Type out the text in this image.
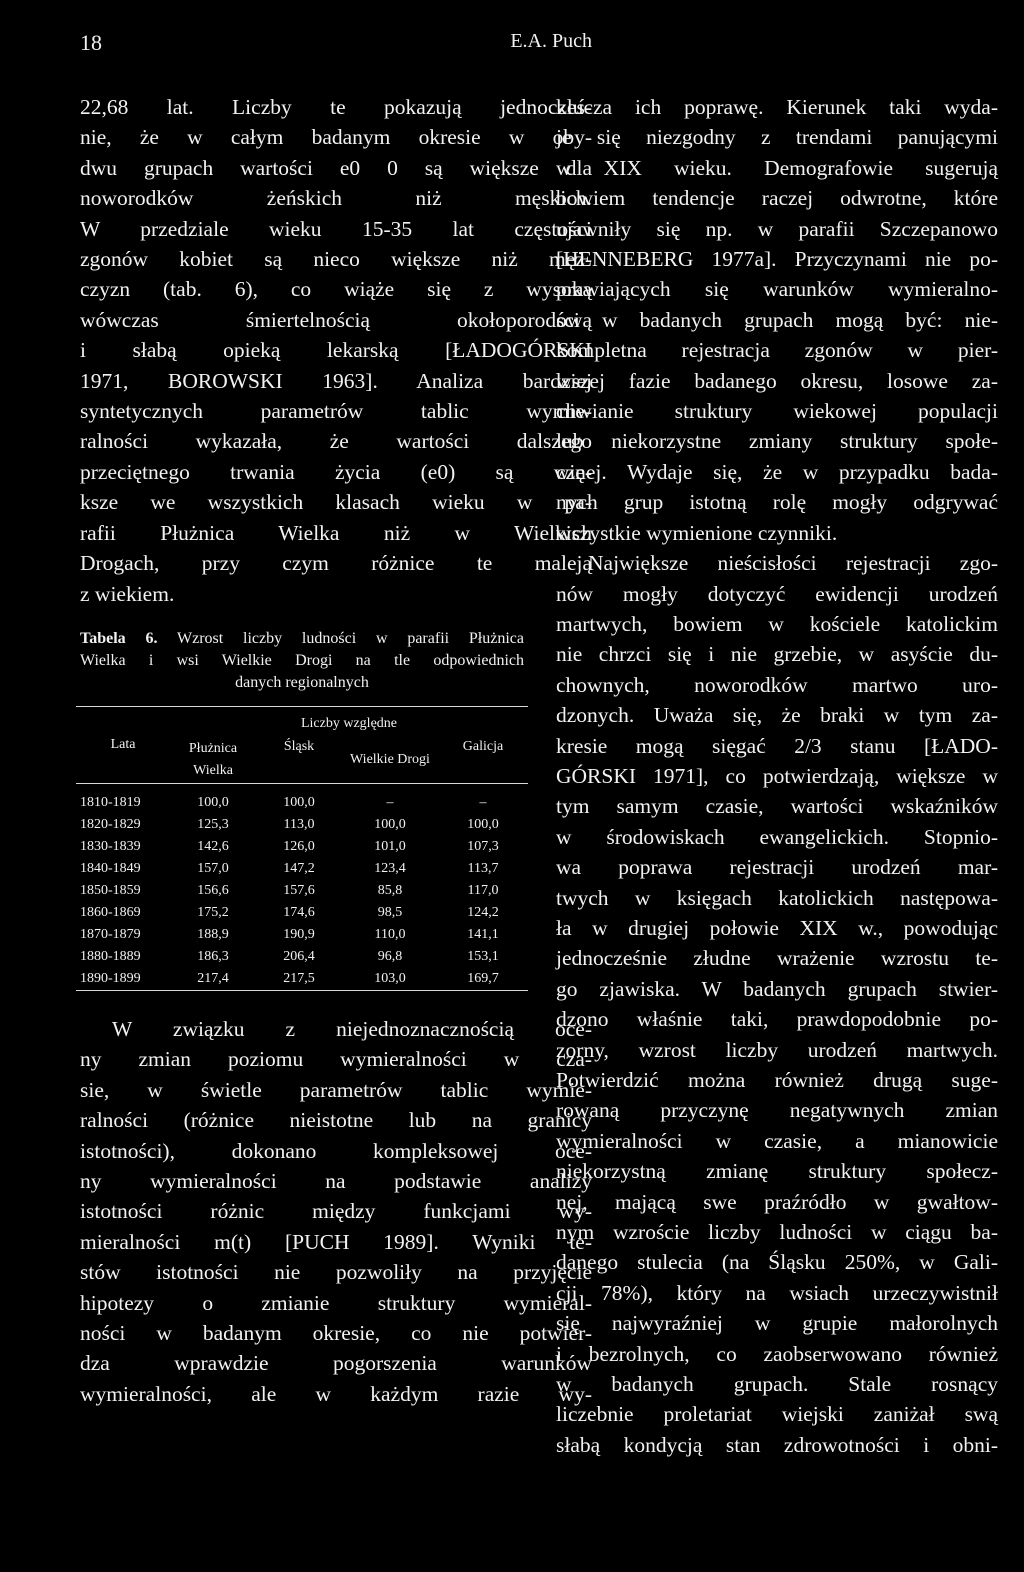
18	E.A. Puch
22,68 lat. Liczby te pokazują jednocześ-
nie, że w całym badanym okresie w oby-
dwu grupach wartości e0 0 są większe dla
noworodków żeńskich niż męskich.
W przedziale wieku 15-35 lat częstości
zgonów kobiet są nieco większe niż męż-
czyzn (tab. 6), co wiąże się z wysoką
wówczas śmiertelnością okołoporodową
i słabą opieką lekarską [ŁADOGÓRSKI
1971, BOROWSKI 1963]. Analiza bardziej
syntetycznych parametrów tablic wymie-
ralności wykazała, że wartości dalszego
przeciętnego trwania życia (e0) są wię-
ksze we wszystkich klasach wieku w pa-
rafii Płużnica Wielka niż w Wielkich
Drogach, przy czym różnice te maleją
z wiekiem.
Tabela 6. Wzrost liczby ludności w parafii Płużnica
Wielka i wsi Wielkie Drogi na tle odpowiednich
danych regionalnych
Lata	Liczby względne			
	Płużnica Wielka	Śląsk	Wielkie Drogi	Galicja

1810-1819	100,0	100,0	–	–
1820-1829	125,3	113,0	100,0	100,0
1830-1839	142,6	126,0	101,0	107,3
1840-1849	157,0	147,2	123,4	113,7
1850-1859	156,6	157,6	85,8	117,0
1860-1869	175,2	174,6	98,5	124,2
1870-1879	188,9	190,9	110,0	141,1
1880-1889	186,3	206,4	96,8	153,1
1890-1899	217,4	217,5	103,0	169,7
W związku z niejednoznacznością oce-
ny zmian poziomu wymieralności w cza-
sie, w świetle parametrów tablic wymie-
ralności (różnice nieistotne lub na granicy
istotności), dokonano kompleksowej oce-
ny wymieralności na podstawie analizy
istotności różnic między funkcjami wy-
mieralności m(t) [PUCH 1989]. Wyniki te-
stów istotności nie pozwoliły na przyjęcie
hipotezy o zmianie struktury wymieral-
ności w badanym okresie, co nie potwier-
dza wprawdzie pogorszenia warunków
wymieralności, ale w każdym razie wy-
klucza ich poprawę. Kierunek taki wyda-
je się niezgodny z trendami panującymi
w XIX wieku. Demografowie sugerują
bowiem tendencje raczej odwrotne, które
ujawniły się np. w parafii Szczepanowo
[HENNEBERG 1977a]. Przyczynami nie po-
prawiających się warunków wymieralno-
ści w badanych grupach mogą być: nie-
kompletna rejestracja zgonów w pier-
wszej fazie badanego okresu, losowe za-
chwianie struktury wiekowej populacji
lub niekorzystne zmiany struktury społe-
cznej. Wydaje się, że w przypadku bada-
nych grup istotną rolę mogły odgrywać
wszystkie wymienione czynniki.
Największe nieścisłości rejestracji zgo-
nów mogły dotyczyć ewidencji urodzeń
martwych, bowiem w kościele katolickim
nie chrzci się i nie grzebie, w asyście du-
chownych, noworodków martwo uro-
dzonych. Uważa się, że braki w tym za-
kresie mogą sięgać 2/3 stanu [ŁADO-
GÓRSKI 1971], co potwierdzają, większe w
tym samym czasie, wartości wskaźników
w środowiskach ewangelickich. Stopnio-
wa poprawa rejestracji urodzeń mar-
twych w księgach katolickich następowa-
ła w drugiej połowie XIX w., powodując
jednocześnie złudne wrażenie wzrostu te-
go zjawiska. W badanych grupach stwier-
dzono właśnie taki, prawdopodobnie po-
zorny, wzrost liczby urodzeń martwych.
Potwierdzić można również drugą suge-
rowaną przyczynę negatywnych zmian
wymieralności w czasie, a mianowicie
niekorzystną zmianę struktury społecz-
nej, mającą swe praźródło w gwałtow-
nym wzroście liczby ludności w ciągu ba-
danego stulecia (na Śląsku 250%, w Gali-
cji 78%), który na wsiach urzeczywistnił
się najwyraźniej w grupie małorolnych
i bezrolnych, co zaobserwowano również
w badanych grupach. Stale rosnący
liczebnie proletariat wiejski zaniżał swą
słabą kondycją stan zdrowotności i obni-
